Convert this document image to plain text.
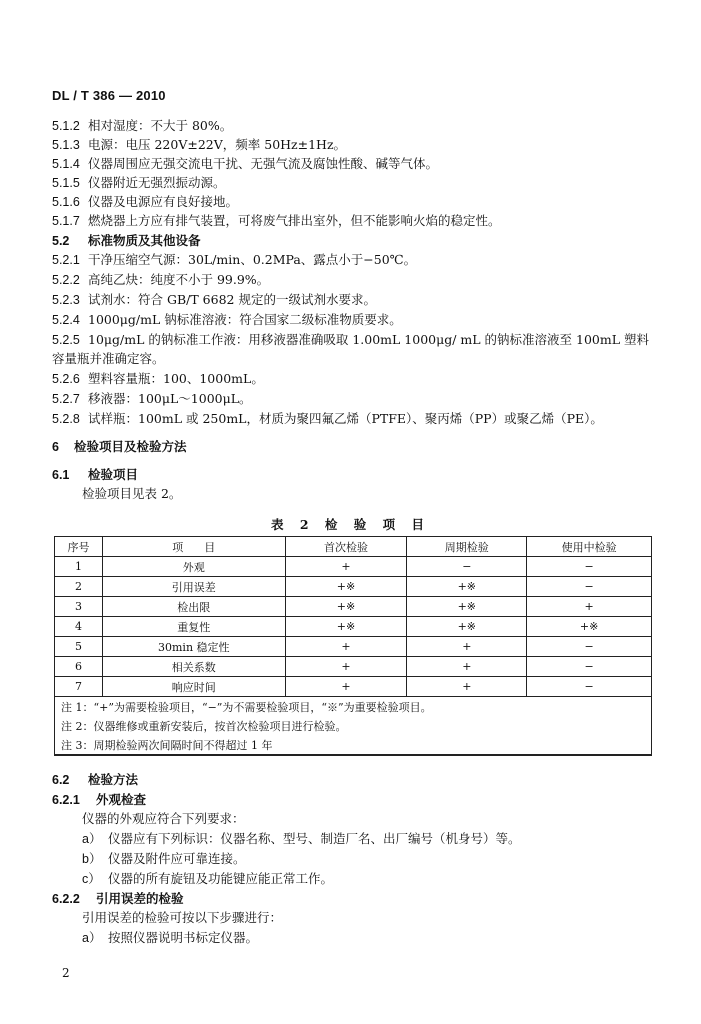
DL / T 386 — 2010
5.1.2 相对湿度：不大于 80%。
5.1.3 电源：电压 220V±22V，频率 50Hz±1Hz。
5.1.4 仪器周围应无强交流电干扰、无强气流及腐蚀性酸、碱等气体。
5.1.5 仪器附近无强烈振动源。
5.1.6 仪器及电源应有良好接地。
5.1.7 燃烧器上方应有排气装置，可将废气排出室外，但不能影响火焰的稳定性。
5.2 标准物质及其他设备
5.2.1 干净压缩空气源：30L/min、0.2MPa、露点小于−50℃。
5.2.2 高纯乙炔：纯度不小于 99.9%。
5.2.3 试剂水：符合 GB/T 6682 规定的一级试剂水要求。
5.2.4 1000μg/mL 钠标准溶液：符合国家二级标准物质要求。
5.2.5 10μg/mL 的钠标准工作液：用移液器准确吸取 1.00mL 1000μg/ mL 的钠标准溶液至 100mL 塑料
容量瓶并准确定容。
5.2.6 塑料容量瓶：100、1000mL。
5.2.7 移液器：100μL～1000μL。
5.2.8 试样瓶：100mL 或 250mL，材质为聚四氟乙烯（PTFE）、聚丙烯（PP）或聚乙烯（PE）。
6 检验项目及检验方法
6.1 检验项目
检验项目见表 2。
表 2 检 验 项 目
序号	项      目	首次检验	周期检验	使用中检验
1	外观	+	−	−
2	引用误差	+※	+※	−
3	检出限	+※	+※	+
4	重复性	+※	+※	+※
5	30min 稳定性	+	+	−
6	相关系数	+	+	−
7	响应时间	+	+	−
注 1：“+”为需要检验项目，“−”为不需要检验项目，“※”为重要检验项目。				
注 2：仪器维修或重新安装后，按首次检验项目进行检验。				
注 3：周期检验两次间隔时间不得超过 1 年				
6.2 检验方法
6.2.1 外观检查
仪器的外观应符合下列要求：
a） 仪器应有下列标识：仪器名称、型号、制造厂名、出厂编号（机身号）等。
b） 仪器及附件应可靠连接。
c） 仪器的所有旋钮及功能键应能正常工作。
6.2.2 引用误差的检验
引用误差的检验可按以下步骤进行：
a） 按照仪器说明书标定仪器。
2
